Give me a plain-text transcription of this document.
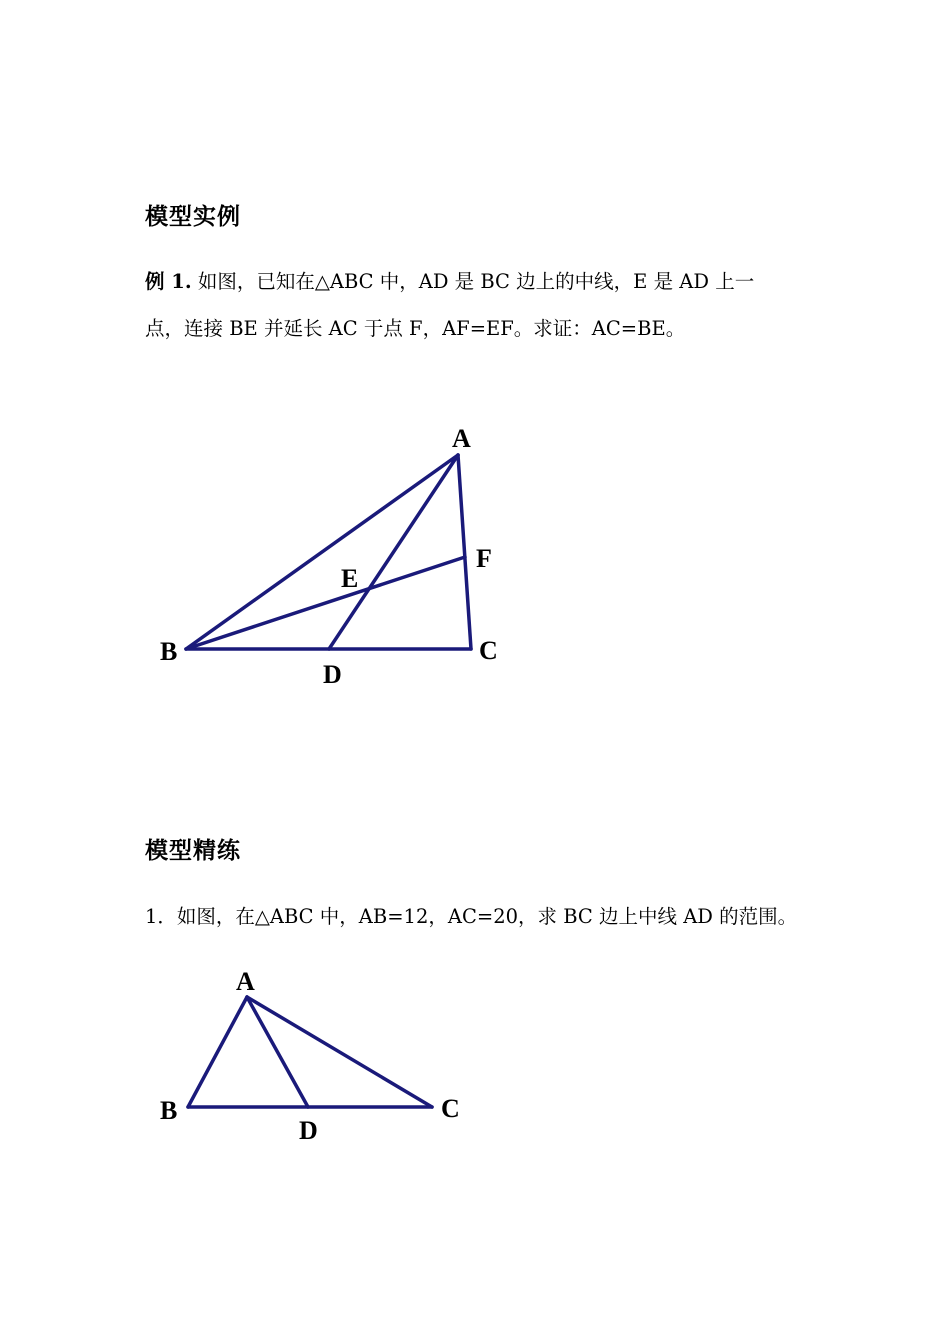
模型实例
例 1. 如图，已知在△ABC 中，AD 是 BC 边上的中线，E 是 AD 上一
点，连接 BE 并延长 AC 于点 F，AF=EF。求证：AC=BE。
A
B	C
D
E
F
模型精练
1．如图，在△ABC 中，AB=12，AC=20，求 BC 边上中线 AD 的范围。
A
B	C
D
